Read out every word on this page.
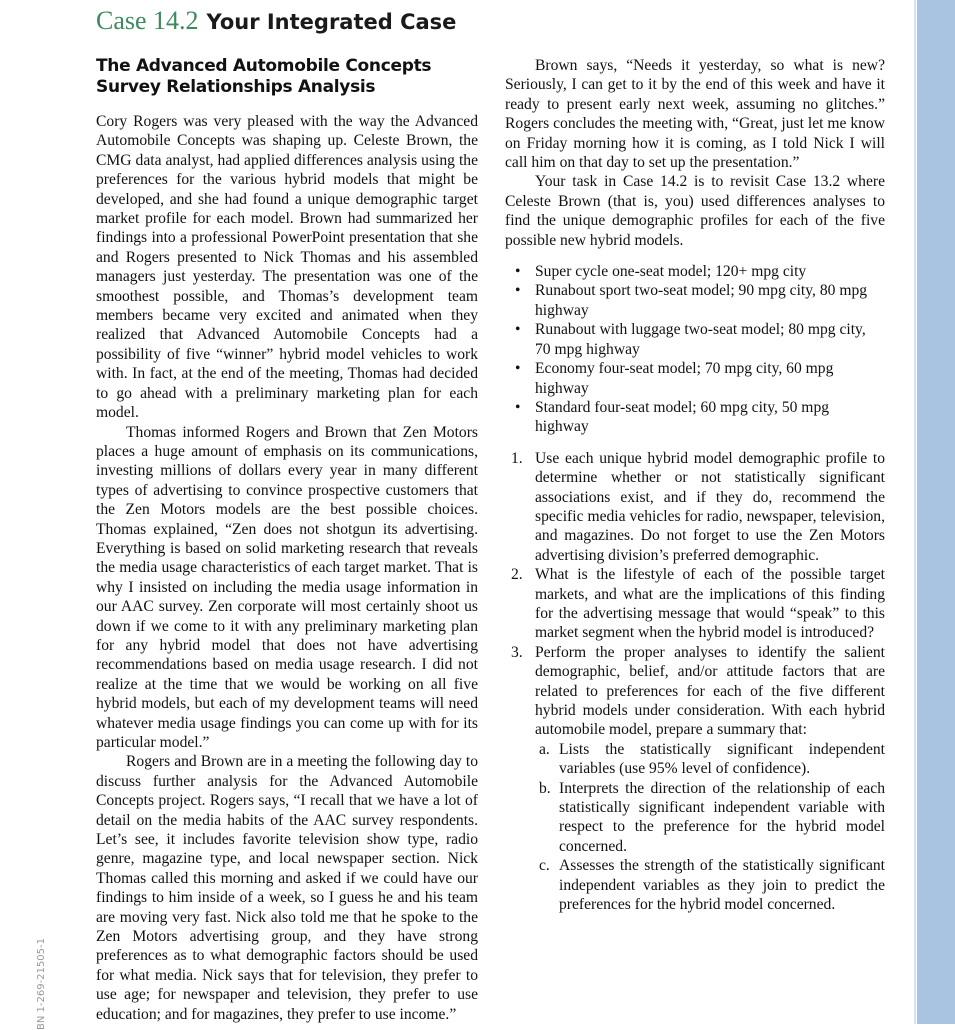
Case 14.2 Your Integrated Case
The Advanced Automobile Concepts Survey Relationships Analysis

Cory Rogers was very pleased with the way the Advanced Automobile Concepts was shaping up. Celeste Brown, the CMG data analyst, had applied differences analysis using the preferences for the various hybrid models that might be developed, and she had found a unique demographic target market profile for each model. Brown had summarized her findings into a professional PowerPoint presentation that she and Rogers presented to Nick Thomas and his assembled managers just yesterday. The presentation was one of the smoothest possible, and Thomas’s development team members became very excited and animated when they realized that Advanced Automobile Concepts had a possibility of five “winner” hybrid model vehicles to work with. In fact, at the end of the meeting, Thomas had decided to go ahead with a preliminary marketing plan for each model.

Thomas informed Rogers and Brown that Zen Motors places a huge amount of emphasis on its communications, investing millions of dollars every year in many different types of advertising to convince prospective customers that the Zen Motors models are the best possible choices. Thomas explained, “Zen does not shotgun its advertising. Everything is based on solid marketing research that reveals the media usage characteristics of each target market. That is why I insisted on including the media usage information in our AAC survey. Zen corporate will most certainly shoot us down if we come to it with any preliminary marketing plan for any hybrid model that does not have advertising recommendations based on media usage research. I did not realize at the time that we would be working on all five hybrid models, but each of my development teams will need whatever media usage findings you can come up with for its particular model.”

Rogers and Brown are in a meeting the following day to discuss further analysis for the Advanced Automobile Concepts project. Rogers says, “I recall that we have a lot of detail on the media habits of the AAC survey respondents. Let’s see, it includes favorite television show type, radio genre, magazine type, and local newspaper section. Nick Thomas called this morning and asked if we could have our findings to him inside of a week, so I guess he and his team are moving very fast. Nick also told me that he spoke to the Zen Motors advertising group, and they have strong preferences as to what demographic factors should be used for what media. Nick says that for television, they prefer to use age; for newspaper and television, they prefer to use education; and for magazines, they prefer to use income.”

Brown says, “Needs it yesterday, so what is new? Seriously, I can get to it by the end of this week and have it ready to present early next week, assuming no glitches.” Rogers concludes the meeting with, “Great, just let me know on Friday morning how it is coming, as I told Nick I will call him on that day to set up the presentation.”

Your task in Case 14.2 is to revisit Case 13.2 where Celeste Brown (that is, you) used differences analyses to find the unique demographic profiles for each of the five possible new hybrid models.

• Super cycle one-seat model; 120+ mpg city
• Runabout sport two-seat model; 90 mpg city, 80 mpg highway
• Runabout with luggage two-seat model; 80 mpg city, 70 mpg highway
• Economy four-seat model; 70 mpg city, 60 mpg highway
• Standard four-seat model; 60 mpg city, 50 mpg highway
1. Use each unique hybrid model demographic profile to determine whether or not statistically significant associations exist, and if they do, recommend the specific media vehicles for radio, newspaper, television, and magazines. Do not forget to use the Zen Motors advertising division’s preferred demographic.
2. What is the lifestyle of each of the possible target markets, and what are the implications of this finding for the advertising message that would “speak” to this market segment when the hybrid model is introduced?
3. Perform the proper analyses to identify the salient demographic, belief, and/or attitude factors that are related to preferences for each of the five different hybrid models under consideration. With each hybrid automobile model, prepare a summary that:
a. Lists the statistically significant independent variables (use 95% level of confidence).
b. Interprets the direction of the relationship of each statistically significant independent variable with respect to the preference for the hybrid model concerned.
c. Assesses the strength of the statistically significant independent variables as they join to predict the preferences for the hybrid model concerned.
BN 1-269-21505-1
